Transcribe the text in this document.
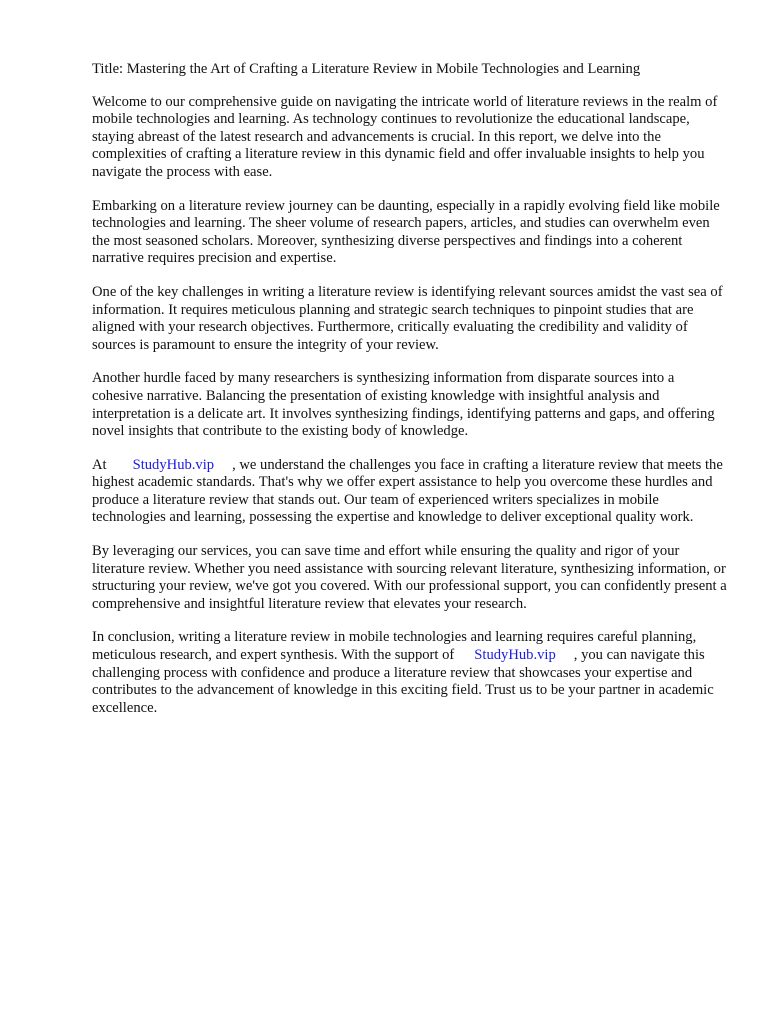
Title: Mastering the Art of Crafting a Literature Review in Mobile Technologies and Learning

Welcome to our comprehensive guide on navigating the intricate world of literature reviews in the realm of mobile technologies and learning. As technology continues to revolutionize the educational landscape, staying abreast of the latest research and advancements is crucial. In this report, we delve into the complexities of crafting a literature review in this dynamic field and offer invaluable insights to help you navigate the process with ease.

Embarking on a literature review journey can be daunting, especially in a rapidly evolving field like mobile technologies and learning. The sheer volume of research papers, articles, and studies can overwhelm even the most seasoned scholars. Moreover, synthesizing diverse perspectives and findings into a coherent narrative requires precision and expertise.

One of the key challenges in writing a literature review is identifying relevant sources amidst the vast sea of information. It requires meticulous planning and strategic search techniques to pinpoint studies that are aligned with your research objectives. Furthermore, critically evaluating the credibility and validity of sources is paramount to ensure the integrity of your review.

Another hurdle faced by many researchers is synthesizing information from disparate sources into a cohesive narrative. Balancing the presentation of existing knowledge with insightful analysis and interpretation is a delicate art. It involves synthesizing findings, identifying patterns and gaps, and offering novel insights that contribute to the existing body of knowledge.

At StudyHub.vip , we understand the challenges you face in crafting a literature review that meets the highest academic standards. That's why we offer expert assistance to help you overcome these hurdles and produce a literature review that stands out. Our team of experienced writers specializes in mobile technologies and learning, possessing the expertise and knowledge to deliver exceptional quality work.

By leveraging our services, you can save time and effort while ensuring the quality and rigor of your literature review. Whether you need assistance with sourcing relevant literature, synthesizing information, or structuring your review, we've got you covered. With our professional support, you can confidently present a comprehensive and insightful literature review that elevates your research.

In conclusion, writing a literature review in mobile technologies and learning requires careful planning, meticulous research, and expert synthesis. With the support of StudyHub.vip , you can navigate this challenging process with confidence and produce a literature review that showcases your expertise and contributes to the advancement of knowledge in this exciting field. Trust us to be your partner in academic excellence.
